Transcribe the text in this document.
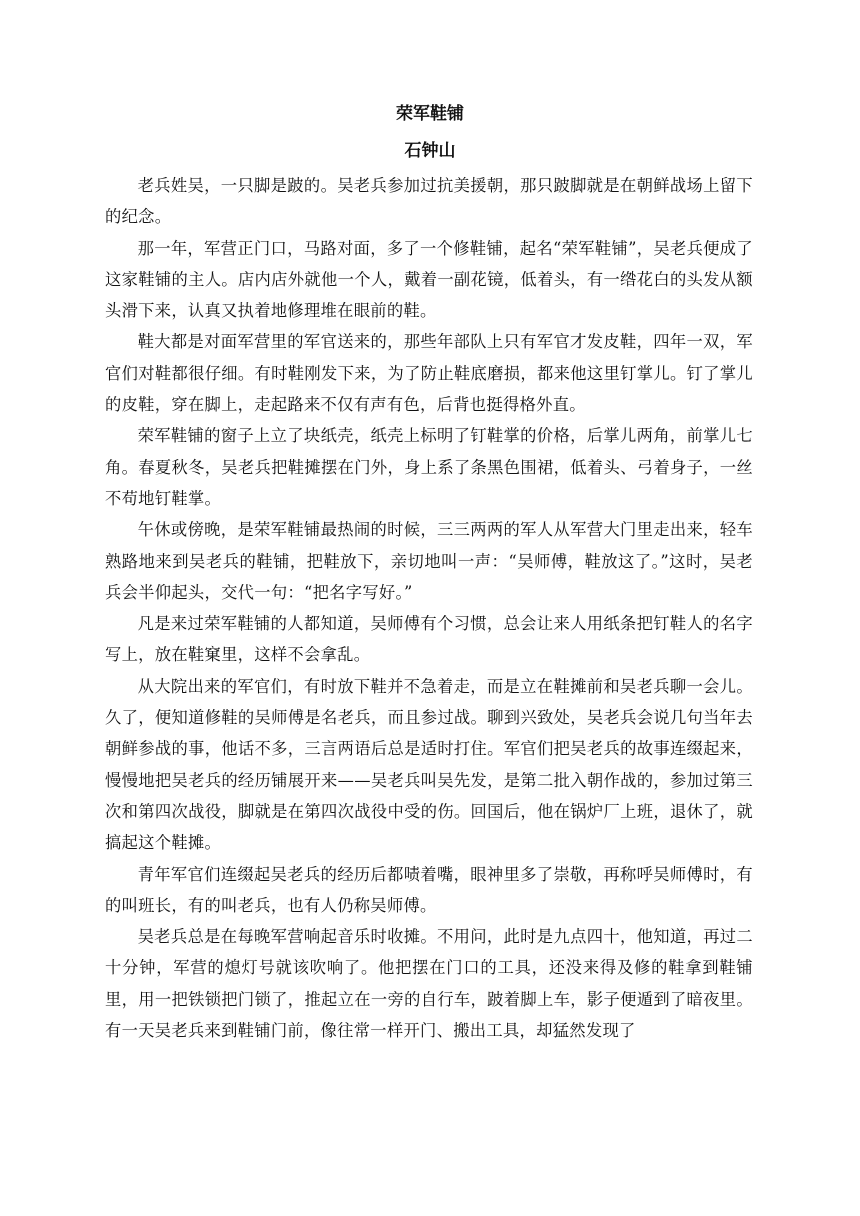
荣军鞋铺
石钟山

老兵姓吴，一只脚是跛的。吴老兵参加过抗美援朝，那只跛脚就是在朝鲜战场上留下的纪念。

那一年，军营正门口，马路对面，多了一个修鞋铺，起名“荣军鞋铺”，吴老兵便成了这家鞋铺的主人。店内店外就他一个人，戴着一副花镜，低着头，有一绺花白的头发从额头滑下来，认真又执着地修理堆在眼前的鞋。

鞋大都是对面军营里的军官送来的，那些年部队上只有军官才发皮鞋，四年一双，军官们对鞋都很仔细。有时鞋刚发下来，为了防止鞋底磨损，都来他这里钉掌儿。钉了掌儿的皮鞋，穿在脚上，走起路来不仅有声有色，后背也挺得格外直。

荣军鞋铺的窗子上立了块纸壳，纸壳上标明了钉鞋掌的价格，后掌儿两角，前掌儿七角。春夏秋冬，吴老兵把鞋摊摆在门外，身上系了条黑色围裙，低着头、弓着身子，一丝不苟地钉鞋掌。

午休或傍晚，是荣军鞋铺最热闹的时候，三三两两的军人从军营大门里走出来，轻车熟路地来到吴老兵的鞋铺，把鞋放下，亲切地叫一声：“吴师傅，鞋放这了。”这时，吴老兵会半仰起头，交代一句：“把名字写好。”

凡是来过荣军鞋铺的人都知道，吴师傅有个习惯，总会让来人用纸条把钉鞋人的名字写上，放在鞋窠里，这样不会拿乱。

从大院出来的军官们，有时放下鞋并不急着走，而是立在鞋摊前和吴老兵聊一会儿。久了，便知道修鞋的吴师傅是名老兵，而且参过战。聊到兴致处，吴老兵会说几句当年去朝鲜参战的事，他话不多，三言两语后总是适时打住。军官们把吴老兵的故事连缀起来，慢慢地把吴老兵的经历铺展开来——吴老兵叫吴先发，是第二批入朝作战的，参加过第三次和第四次战役，脚就是在第四次战役中受的伤。回国后，他在锅炉厂上班，退休了，就搞起这个鞋摊。

青年军官们连缀起吴老兵的经历后都啧着嘴，眼神里多了崇敬，再称呼吴师傅时，有的叫班长，有的叫老兵，也有人仍称吴师傅。

吴老兵总是在每晚军营响起音乐时收摊。不用问，此时是九点四十，他知道，再过二十分钟，军营的熄灯号就该吹响了。他把摆在门口的工具，还没来得及修的鞋拿到鞋铺里，用一把铁锁把门锁了，推起立在一旁的自行车，跛着脚上车，影子便遁到了暗夜里。有一天吴老兵来到鞋铺门前，像往常一样开门、搬出工具，却猛然发现了
